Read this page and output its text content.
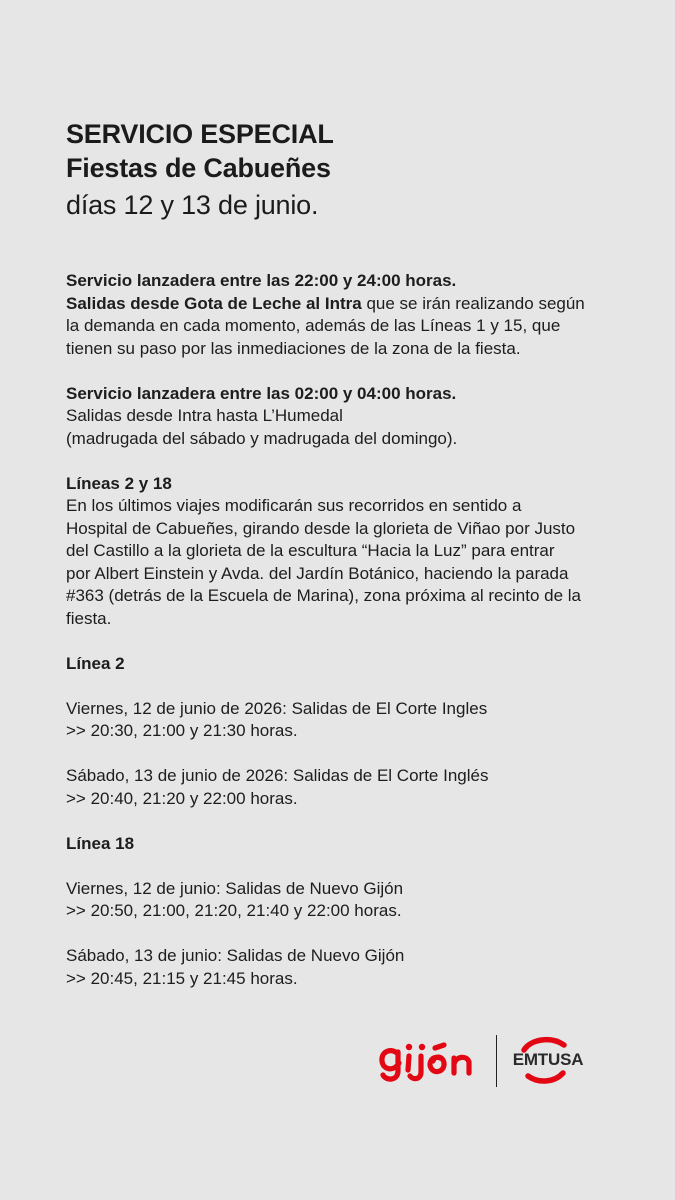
SERVICIO ESPECIAL
Fiestas de Cabueñes
días 12 y 13 de junio.
Servicio lanzadera entre las 22:00 y 24:00 horas.
Salidas desde Gota de Leche al Intra que se irán realizando según
la demanda en cada momento, además de las Líneas 1 y 15, que
tienen su paso por las inmediaciones de la zona de la fiesta.
Servicio lanzadera entre las 02:00 y 04:00 horas.
Salidas desde Intra hasta L’Humedal
(madrugada del sábado y madrugada del domingo).
Líneas 2 y 18
En los últimos viajes modificarán sus recorridos en sentido a
Hospital de Cabueñes, girando desde la glorieta de Viñao por Justo
del Castillo a la glorieta de la escultura “Hacia la Luz” para entrar
por Albert Einstein y Avda. del Jardín Botánico, haciendo la parada
#363 (detrás de la Escuela de Marina), zona próxima al recinto de la
fiesta.
Línea 2
Viernes, 12 de junio de 2026: Salidas de El Corte Ingles
>> 20:30, 21:00 y 21:30 horas.
Sábado, 13 de junio de 2026: Salidas de El Corte Inglés
>> 20:40, 21:20 y 22:00 horas.
Línea 18
Viernes, 12 de junio: Salidas de Nuevo Gijón
>> 20:50, 21:00, 21:20, 21:40 y 22:00 horas.
Sábado, 13 de junio: Salidas de Nuevo Gijón
>> 20:45, 21:15 y 21:45 horas.
EMTUSA
